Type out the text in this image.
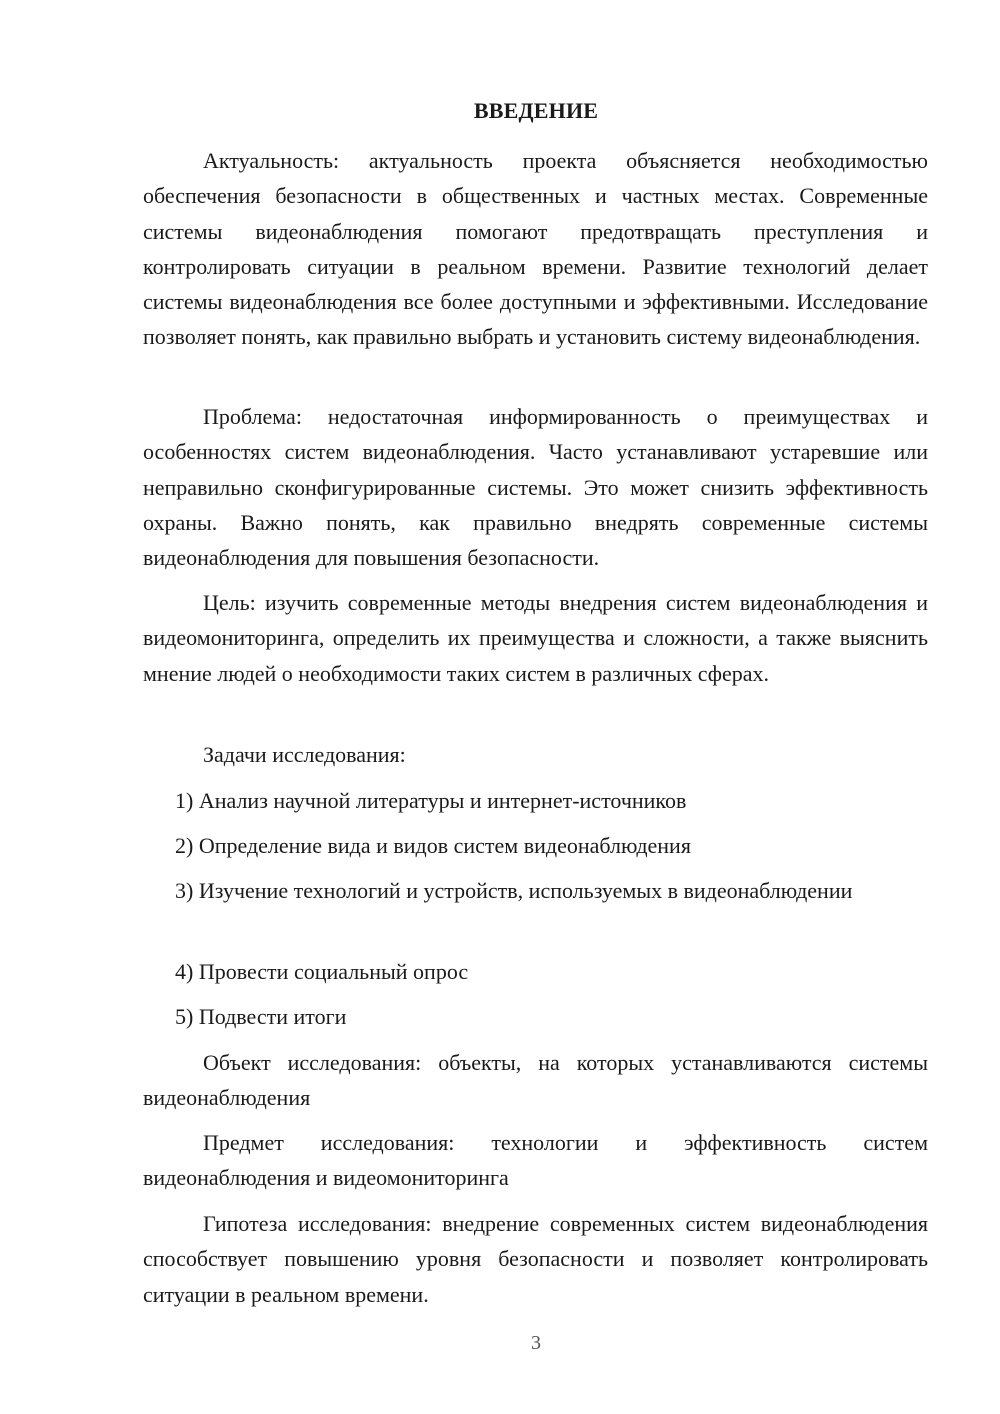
ВВЕДЕНИЕ

Актуальность: актуальность проекта объясняется необходимостью обеспечения безопасности в общественных и частных местах. Современные системы видеонаблюдения помогают предотвращать преступления и контролировать ситуации в реальном времени. Развитие технологий делает системы видеонаблюдения все более доступными и эффективными. Исследование позволяет понять, как правильно выбрать и установить систему видеонаблюдения.

Проблема: недостаточная информированность о преимуществах и особенностях систем видеонаблюдения. Часто устанавливают устаревшие или неправильно сконфигурированные системы. Это может снизить эффективность охраны. Важно понять, как правильно внедрять современные системы видеонаблюдения для повышения безопасности.

Цель: изучить современные методы внедрения систем видеонаблюдения и видеомониторинга, определить их преимущества и сложности, а также выяснить мнение людей о необходимости таких систем в различных сферах.

Задачи исследования:

1) Анализ научной литературы и интернет-источников

2) Определение вида и видов систем видеонаблюдения

3) Изучение технологий и устройств, используемых в видеонаблюдении

4) Провести социальный опрос

5) Подвести итоги

Объект исследования: объекты, на которых устанавливаются системы видеонаблюдения

Предмет исследования: технологии и эффективность систем видеонаблюдения и видеомониторинга

Гипотеза исследования: внедрение современных систем видеонаблюдения способствует повышению уровня безопасности и позволяет контролировать ситуации в реальном времени.

3
